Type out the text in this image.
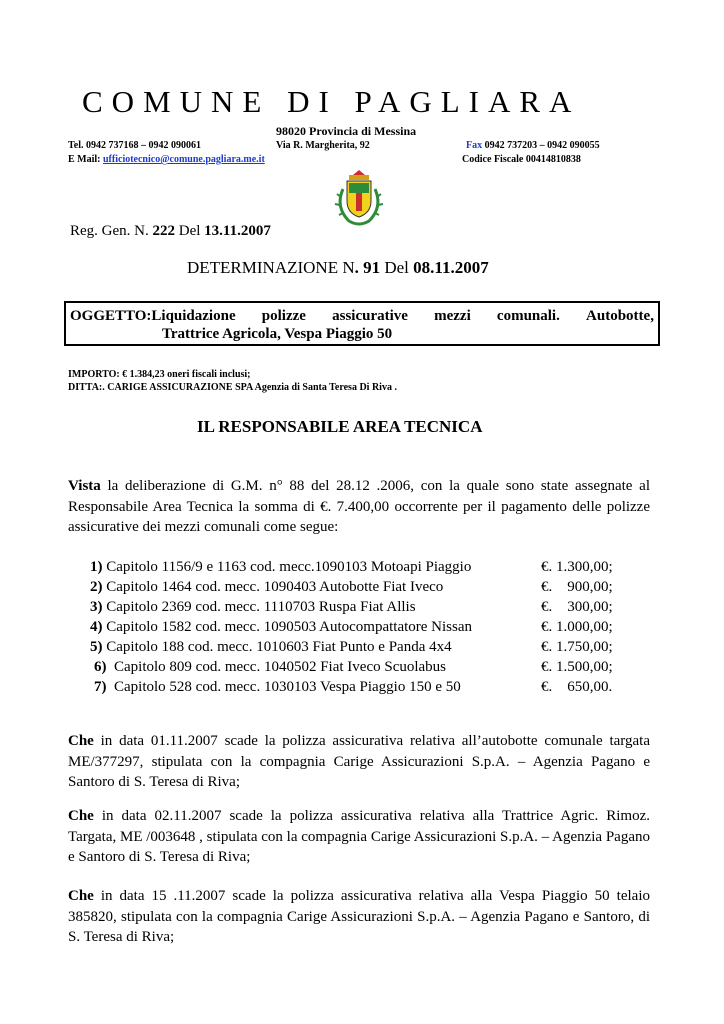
COMUNE DI PAGLIARA
98020 Provincia di Messina
Tel. 0942 737168 – 0942 090061	Via R. Margherita, 92	Fax 0942 737203 – 0942 090055
E Mail: ufficiotecnico@comune.pagliara.me.it	Codice Fiscale 00414810838
Reg. Gen. N. 222 Del 13.11.2007
DETERMINAZIONE N. 91 Del 08.11.2007
OGGETTO:Liquidazione polizze assicurative mezzi comunali. Autobotte,
Trattrice Agricola, Vespa Piaggio 50
IMPORTO: € 1.384,23 oneri fiscali inclusi;
DITTA:. CARIGE ASSICURAZIONE SPA Agenzia di Santa Teresa Di Riva .
IL RESPONSABILE AREA TECNICA
Vista la deliberazione di G.M. n° 88 del 28.12 .2006, con la quale sono state assegnate al Responsabile Area Tecnica la somma di €. 7.400,00 occorrente per il pagamento delle polizze assicurative dei mezzi comunali come segue:
1) Capitolo 1156/9 e 1163 cod. mecc.1090103 Motoapi Piaggio	€. 1.300,00;
2) Capitolo 1464 cod. mecc. 1090403 Autobotte Fiat Iveco	€.    900,00;
3) Capitolo 2369 cod. mecc. 1110703 Ruspa Fiat Allis	€.    300,00;
4) Capitolo 1582 cod. mecc. 1090503 Autocompattatore Nissan	€. 1.000,00;
5) Capitolo 188 cod. mecc. 1010603 Fiat Punto e Panda 4x4	€. 1.750,00;
6) Capitolo 809 cod. mecc. 1040502 Fiat Iveco Scuolabus	€. 1.500,00;
7) Capitolo 528 cod. mecc. 1030103 Vespa Piaggio 150 e 50	€.    650,00.
Che in data 01.11.2007 scade la polizza assicurativa relativa all’autobotte comunale targata ME/377297, stipulata con la compagnia Carige Assicurazioni S.p.A. – Agenzia Pagano e Santoro di S. Teresa di Riva;
Che in data 02.11.2007 scade la polizza assicurativa relativa alla Trattrice Agric. Rimoz. Targata, ME /003648 , stipulata con la compagnia Carige Assicurazioni S.p.A. – Agenzia Pagano e Santoro di S. Teresa di Riva;
Che in data 15 .11.2007 scade la polizza assicurativa relativa alla Vespa Piaggio 50 telaio 385820, stipulata con la compagnia Carige Assicurazioni S.p.A. – Agenzia Pagano e Santoro, di S. Teresa di Riva;
